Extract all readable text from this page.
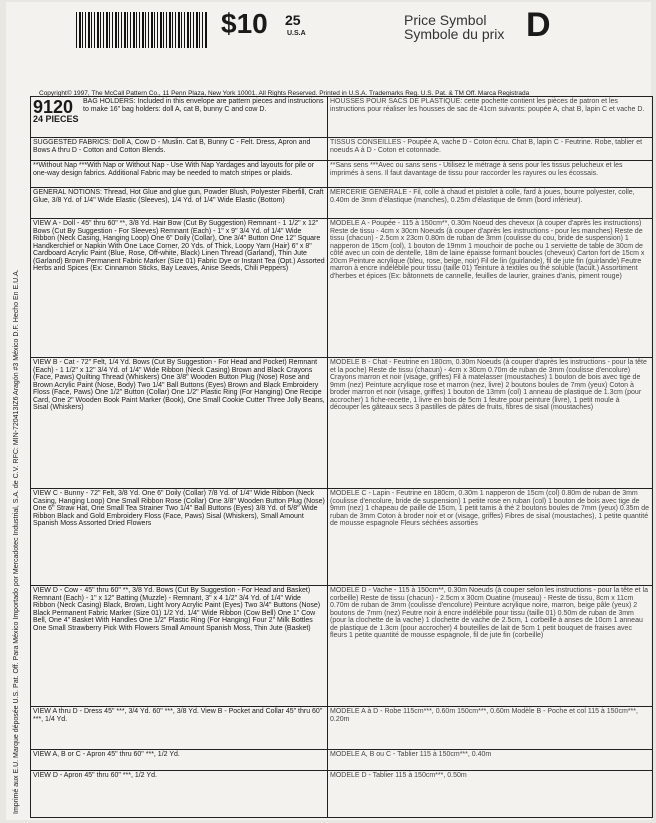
$10 25
U.S.A
Price Symbol
Symbole du prix D
Copyright© 1997, The McCall Pattern Co., 11 Penn Plaza, New York 10001. All Rights Reserved. Printed in U.S.A. Trademarks Reg. U.S. Pat. & TM Off. Marca Registrada
Imprimé aux E.U. Marque déposée U.S. Pat. Off. Para México Importado por Mercadotec Industrial, S.A. de C.V. RFC: MIN-720413IZ6 Aragón #3 México D.F. Hecho En E.U.A.
9120
24 PIECES
BAG HOLDERS: Included in this envelope are pattern pieces and instructions to make 16" bag holders: doll A, cat B, bunny C and cow D.
SUGGESTED FABRICS: Doll A, Cow D - Muslin. Cat B, Bunny C - Felt. Dress, Apron and Bows A thru D - Cotton and Cotton Blends.
**Without Nap ***With Nap or Without Nap - Use With Nap Yardages and layouts for pile or one-way design fabrics. Additional Fabric may be needed to match stripes or plaids.
GENERAL NOTIONS: Thread, Hot Glue and glue gun, Powder Blush, Polyester Fiberfill, Craft Glue, 3/8 Yd. of 1/4" Wide Elastic (Sleeves), 1/4 Yd. of 1/4" Wide Elastic (Bottom)
VIEW A - Doll - 45" thru 60" **, 3/8 Yd. Hair Bow (Cut By Suggestion) Remnant - 1 1/2" x 12" Bows (Cut By Suggestion - For Sleeves) Remnant (Each) - 1" x 9" 3/4 Yd. of 1/4" Wide Ribbon (Neck Casing, Hanging Loop) One 6" Doily (Collar), One 3/4" Button One 12" Square Handkerchief or Napkin With One Lace Corner, 20 Yds. of Thick, Loopy Yarn (Hair) 6" x 8" Cardboard Acrylic Paint (Blue, Rose, Off-white, Black) Linen Thread (Garland), Thin Jute (Garland) Brown Permanent Fabric Marker (Size 01) Fabric Dye or Instant Tea (Opt.) Assorted Herbs and Spices (Ex: Cinnamon Sticks, Bay Leaves, Anise Seeds, Chili Peppers)
VIEW B - Cat - 72" Felt, 1/4 Yd. Bows (Cut By Suggestion - For Head and Pocket) Remnant (Each) - 1 1/2" x 12" 3/4 Yd. of 1/4" Wide Ribbon (Neck Casing) Brown and Black Crayons (Face, Paws) Quilting Thread (Whiskers) One 3/8" Wooden Button Plug (Nose) Rose and Brown Acrylic Paint (Nose, Body) Two 1/4" Ball Buttons (Eyes) Brown and Black Embroidery Floss (Face, Paws) One 1/2" Button (Collar) One 1/2" Plastic Ring (For Hanging) One Recipe Card, One 2" Wooden Book Paint Marker (Book), One Small Cookie Cutter Three Jolly Beans, Sisal (Whiskers)
VIEW C - Bunny - 72" Felt, 3/8 Yd. One 6" Doily (Collar) 7/8 Yd. of 1/4" Wide Ribbon (Neck Casing, Hanging Loop) One Small Ribbon Rose (Collar) One 3/8" Wooden Button Plug (Nose) One 6" Straw Hat, One Small Tea Strainer Two 1/4" Ball Buttons (Eyes) 3/8 Yd. of 5/8" Wide Ribbon Black and Gold Embroidery Floss (Face, Paws) Sisal (Whiskers), Small Amount Spanish Moss Assorted Dried Flowers
VIEW D - Cow - 45" thru 60" **, 3/8 Yd. Bows (Cut By Suggestion - For Head and Basket) Remnant (Each) - 1" x 12" Batting (Muzzle) - Remnant, 3" x 4 1/2" 3/4 Yd. of 1/4" Wide Ribbon (Neck Casing) Black, Brown, Light Ivory Acrylic Paint (Eyes) Two 3/4" Buttons (Nose) Black Permanent Fabric Marker (Size 01) 1/2 Yd. 1/4" Wide Ribbon (Cow Bell) One 1" Cow Bell, One 4" Basket With Handles One 1/2" Plastic Ring (For Hanging) Four 2" Milk Bottles One Small Strawberry Pick With Flowers Small Amount Spanish Moss, Thin Jute (Basket)
VIEW A thru D - Dress 45" ***, 3/4 Yd. 60" ***, 3/8 Yd. View B - Pocket and Collar 45" thru 60" ***, 1/4 Yd.
VIEW A, B or C - Apron 45" thru 60" ***, 1/2 Yd.
VIEW D - Apron 45" thru 60" ***, 1/2 Yd.
HOUSSES POUR SACS DE PLASTIQUE: cette pochette contient les pièces de patron et les instructions pour réaliser les housses de sac de 41cm suivants: poupée A, chat B, lapin C et vache D.
TISSUS CONSEILLES - Poupée A, vache D - Coton écru. Chat B, lapin C - Feutrine. Robe, tablier et noeuds A à D - Coton et cotonnade.
**Sans sens ***Avec ou sans sens - Utilisez le métrage à sens pour les tissus pelucheux et les imprimés à sens. Il faut davantage de tissu pour raccorder les rayures ou les écossais.
MERCERIE GENERALE - Fil, colle à chaud et pistolet à colle, fard à joues, bourre polyester, colle, 0.40m de 3mm d'élastique (manches), 0.25m d'élastique de 6mm (bord inférieur).
MODELE A - Poupée - 115 à 150cm**, 0.30m Noeud des cheveux (à couper d'après les instructions) Reste de tissu - 4cm x 30cm Noeuds (à couper d'après les instructions - pour les manches) Reste de tissu (chacun) - 2.5cm x 23cm 0.80m de ruban de 3mm (coulisse du cou, bride de suspension) 1 napperon de 15cm (col), 1 bouton de 19mm 1 mouchoir de poche ou 1 serviette de table de 30cm de côté avec un coin de dentelle, 18m de laine épaisse formant boucles (cheveux) Carton fort de 15cm x 20cm Peinture acrylique (bleu, rose, beige, noir) Fil de lin (guirlande), fil de jute fin (guirlande) Feutre marron à encre indélébile pour tissu (taille 01) Teinture à textiles ou thé soluble (facult.) Assortiment d'herbes et épices (Ex: bâtonnets de cannelle, feuilles de laurier, graines d'anis, piment rouge)
MODELE B - Chat - Feutrine en 180cm, 0.30m Noeuds (à couper d'après les instructions - pour la tête et la poche) Reste de tissu (chacun) - 4cm x 30cm 0.70m de ruban de 3mm (coulisse d'encolure) Crayons marron et noir (visage, griffes) Fil à matelasser (moustaches) 1 bouton de bois avec tige de 9mm (nez) Peinture acrylique rose et marron (nez, livre) 2 boutons boules de 7mm (yeux) Coton à broder marron et noir (visage, griffes) 1 bouton de 13mm (col) 1 anneau de plastique de 1.3cm (pour accrocher) 1 fiche-recette, 1 livre en bois de 5cm 1 feutre pour peinture (livre), 1 petit moule à découper les gâteaux secs 3 pastilles de pâtes de fruits, fibres de sisal (moustaches)
MODELE C - Lapin - Feutrine en 180cm, 0.30m 1 napperon de 15cm (col) 0.80m de ruban de 3mm (coulisse d'encolure, bride de suspension) 1 petite rose en ruban (col) 1 bouton de bois avec tige de 9mm (nez) 1 chapeau de paille de 15cm, 1 petit tamis à thé 2 boutons boules de 7mm (yeux) 0.35m de ruban de 3mm Coton à broder noir et or (visage, griffes) Fibres de sisal (moustaches), 1 petite quantité de mousse espagnole Fleurs séchées assorties
MODELE D - Vache - 115 à 150cm**, 0.30m Noeuds (à couper selon les instructions - pour la tête et la corbeille) Reste de tissu (chacun) - 2.5cm x 30cm Ouatine (museau) - Reste de tissu, 8cm x 11cm 0.70m de ruban de 3mm (coulisse d'encolure) Peinture acrylique noire, marron, beige pâle (yeux) 2 boutons de 7mm (nez) Feutre noir à encre indélébile pour tissu (taille 01) 0.50m de ruban de 3mm (pour la clochette de la vache) 1 clochette de vache de 2.5cm, 1 corbeille à anses de 10cm 1 anneau de plastique de 1.3cm (pour accrocher) 4 bouteilles de lait de 5cm 1 petit bouquet de fraises avec fleurs 1 petite quantité de mousse espagnole, fil de jute fin (corbeille)
MODELE A à D - Robe 115cm***, 0.60m 150cm***, 0.60m Modèle B - Poche et col 115 à 150cm***, 0.20m
MODELE A, B ou C - Tablier 115 à 150cm***, 0.40m
MODELE D - Tablier 115 à 150cm***, 0.50m
